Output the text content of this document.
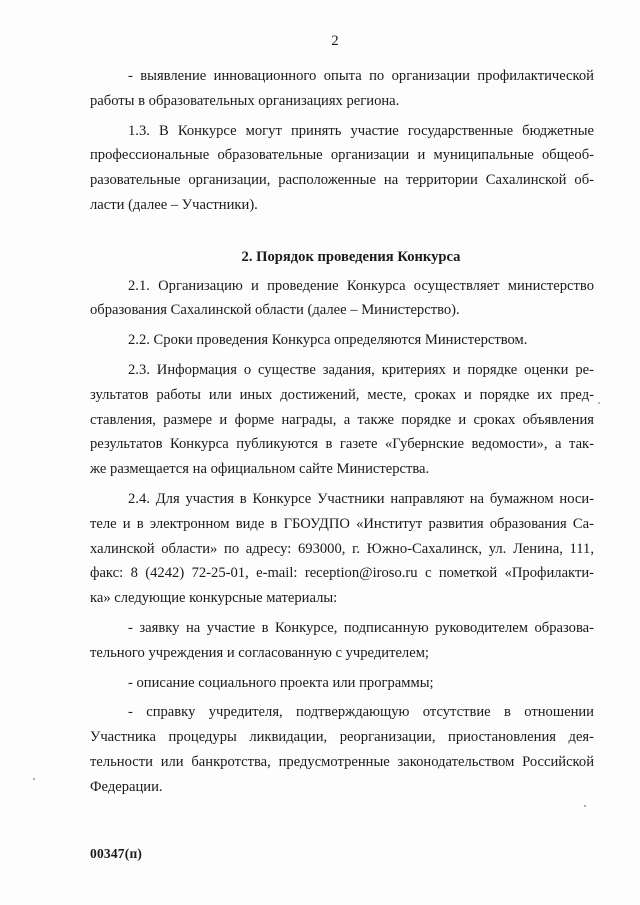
2
- выявление инновационного опыта по организации профилактической
работы в образовательных организациях региона.
1.3. В Конкурсе могут принять участие государственные бюджетные
профессиональные образовательные организации и муниципальные общеоб-
разовательные организации, расположенные на территории Сахалинской об-
ласти (далее – Участники).
2. Порядок проведения Конкурса
2.1. Организацию и проведение Конкурса осуществляет министерство
образования Сахалинской области (далее – Министерство).
2.2. Сроки проведения Конкурса определяются Министерством.
2.3. Информация о существе задания, критериях и порядке оценки ре-
зультатов работы или иных достижений, месте, сроках и порядке их пред-
ставления, размере и форме награды, а также порядке и сроках объявления
результатов Конкурса публикуются в газете «Губернские ведомости», а так-
же размещается на официальном сайте Министерства.
2.4. Для участия в Конкурсе Участники направляют на бумажном носи-
теле и в электронном виде в ГБОУДПО «Институт развития образования Са-
халинской области» по адресу: 693000, г. Южно-Сахалинск, ул. Ленина, 111,
факс: 8 (4242) 72-25-01, e-mail: reception@iroso.ru с пометкой «Профилакти-
ка» следующие конкурсные материалы:
- заявку на участие в Конкурсе, подписанную руководителем образова-
тельного учреждения и согласованную с учредителем;
- описание социального проекта или программы;
- справку учредителя, подтверждающую отсутствие в отношении
Участника процедуры ликвидации, реорганизации, приостановления дея-
тельности или банкротства, предусмотренные законодательством Российской
Федерации.
00347(п)
